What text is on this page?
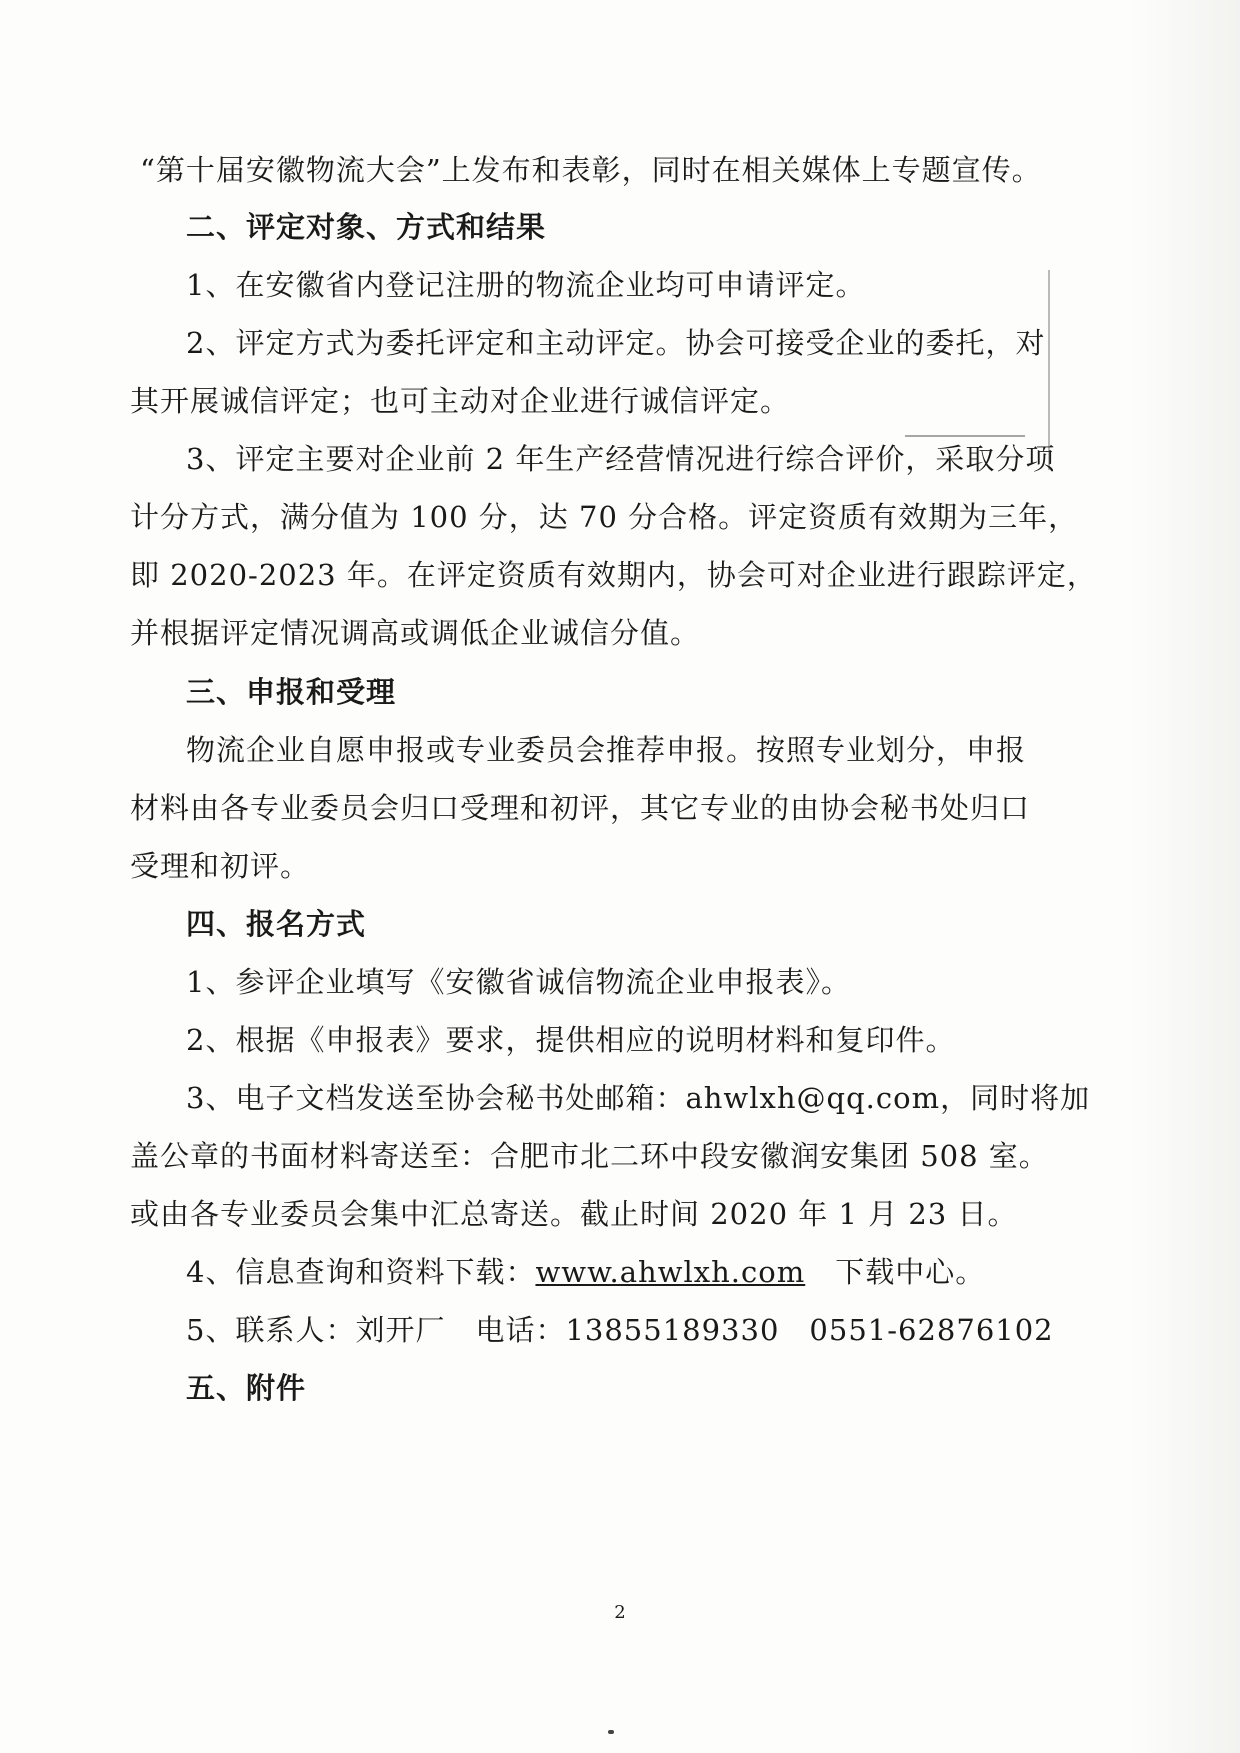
“第十届安徽物流大会”上发布和表彰，同时在相关媒体上专题宣传。
二、评定对象、方式和结果
1、在安徽省内登记注册的物流企业均可申请评定。
2、评定方式为委托评定和主动评定。协会可接受企业的委托，对
其开展诚信评定；也可主动对企业进行诚信评定。
3、评定主要对企业前 2 年生产经营情况进行综合评价，采取分项
计分方式，满分值为 100 分，达 70 分合格。评定资质有效期为三年，
即 2020-2023 年。在评定资质有效期内，协会可对企业进行跟踪评定，
并根据评定情况调高或调低企业诚信分值。
三、申报和受理
物流企业自愿申报或专业委员会推荐申报。按照专业划分，申报
材料由各专业委员会归口受理和初评，其它专业的由协会秘书处归口
受理和初评。
四、报名方式
1、参评企业填写《安徽省诚信物流企业申报表》。
2、根据《申报表》要求，提供相应的说明材料和复印件。
3、电子文档发送至协会秘书处邮箱：ahwlxh@qq.com，同时将加
盖公章的书面材料寄送至：合肥市北二环中段安徽润安集团 508 室。
或由各专业委员会集中汇总寄送。截止时间 2020 年 1 月 23 日。
4、信息查询和资料下载：www.ahwlxh.com 下载中心。
5、联系人：刘开厂 电话：13855189330 0551-62876102
五、附件
2
